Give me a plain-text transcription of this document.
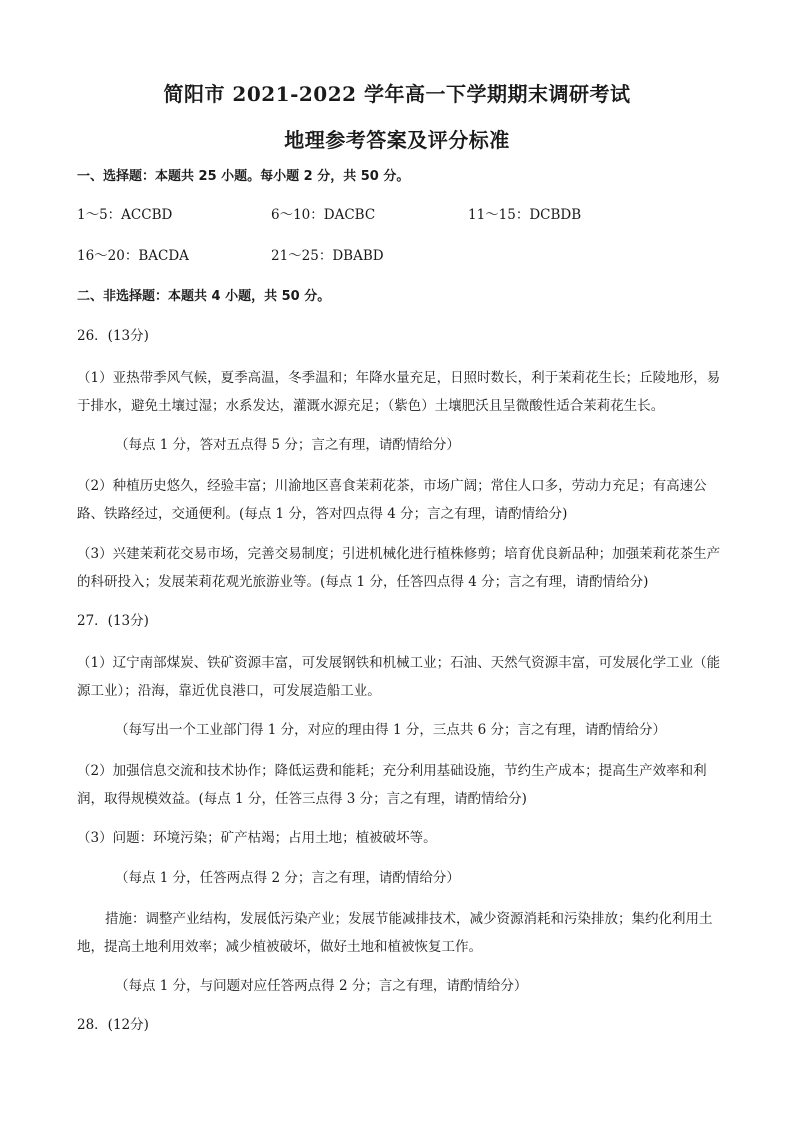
简阳市 2021-2022 学年高一下学期期末调研考试
地理参考答案及评分标准
一、选择题：本题共 25 小题。每小题 2 分，共 50 分。
1～5：ACCBD	6～10：DACBC	11～15：DCBDB
16～20：BACDA	21～25：DBABD
二、非选择题：本题共 4 小题，共 50 分。
26．(13分)
（1）亚热带季风气候，夏季高温，冬季温和；年降水量充足，日照时数长，利于茉莉花生长；丘陵地形，易于排水，避免土壤过湿；水系发达，灌溉水源充足；（紫色）土壤肥沃且呈微酸性适合茉莉花生长。
（每点 1 分，答对五点得 5 分；言之有理，请酌情给分）
（2）种植历史悠久，经验丰富；川渝地区喜食茉莉花茶，市场广阔；常住人口多，劳动力充足；有高速公路、铁路经过，交通便利。(每点 1 分，答对四点得 4 分；言之有理，请酌情给分)
（3）兴建茉莉花交易市场，完善交易制度；引进机械化进行植株修剪；培育优良新品种；加强茉莉花茶生产的科研投入；发展茉莉花观光旅游业等。(每点 1 分，任答四点得 4 分；言之有理，请酌情给分)
27．(13分)
（1）辽宁南部煤炭、铁矿资源丰富，可发展钢铁和机械工业；石油、天然气资源丰富，可发展化学工业（能源工业）；沿海，靠近优良港口，可发展造船工业。
（每写出一个工业部门得 1 分，对应的理由得 1 分，三点共 6 分；言之有理，请酌情给分）
（2）加强信息交流和技术协作；降低运费和能耗；充分利用基础设施，节约生产成本；提高生产效率和利润，取得规模效益。(每点 1 分，任答三点得 3 分；言之有理，请酌情给分)
（3）问题：环境污染；矿产枯竭；占用土地；植被破坏等。
（每点 1 分，任答两点得 2 分；言之有理，请酌情给分）
措施：调整产业结构，发展低污染产业；发展节能减排技术，减少资源消耗和污染排放；集约化利用土地，提高土地利用效率；减少植被破坏，做好土地和植被恢复工作。
（每点 1 分，与问题对应任答两点得 2 分；言之有理，请酌情给分）
28．(12分)
